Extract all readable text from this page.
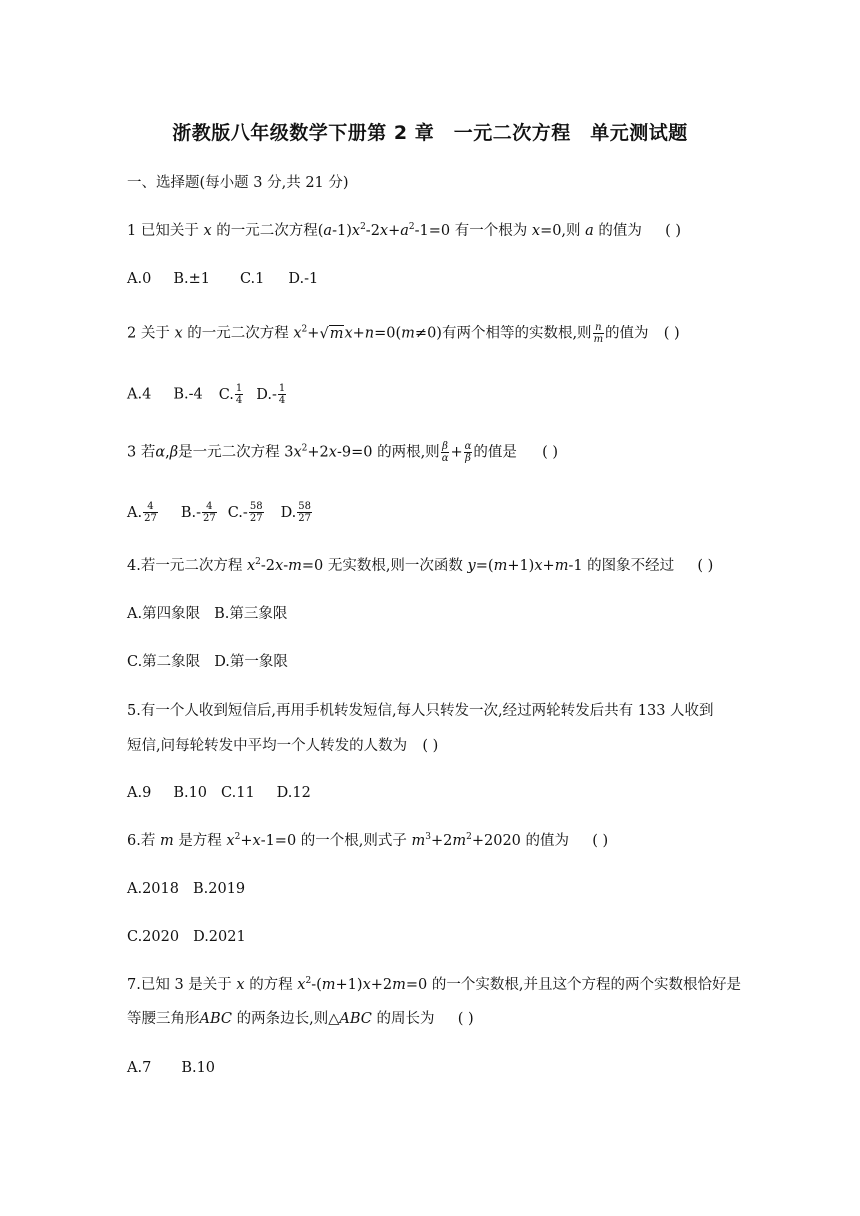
浙教版八年级数学下册第 2 章　一元二次方程　单元测试题
一、选择题(每小题 3 分,共 21 分)
1 已知关于 x 的一元二次方程$(a-1)x^2-2x+a^2-1=0$ 有一个根为 x=0,则 a 的值为 ( )
A.0 B.±1 C.1 D.-1
2 关于 x 的一元二次方程 $x^2+√mx+n=0(m\ne 0)$有两个相等的实数根,则 $\frac{n}{m}$ 的值为 ( )
A.4 B.-4 C. $\frac{1}{4} D.- \frac{1}{4}$
3 若α,β是一元二次方程 $3x^2+2x-9=0$ 的两根,则 $\frac{\beta}{\alpha} + \frac{\alpha}{\beta}$ 的值是 ( )
A. $\frac{4}{27} B.- \frac{4}{27} C.- \frac{58}{27} D$. $\frac{58}{27}$
4.若一元二次方程 $x^2-2x-m=0$ 无实数根,则一次函数 y=(m+1)x+m-1 的图象不经过 ( )
A.第四象限 B.第三象限
C.第二象限 D.第一象限
5.有一个人收到短信后,再用手机转发短信,每人只转发一次,经过两轮转发后共有 133 人收到
短信,问每轮转发中平均一个人转发的人数为 ( )
A.9 B.10 C.11 D.12
6.若 m 是方程 $x^2+x-1=0$ 的一个根,则式子 $m^3+2m^2+2020$ 的值为 ( )
A.2018 B.2019
C.2020 D.2021
7.已知 3 是关于 x 的方程 $x^2-(m+1)x+2m=0$ 的一个实数根,并且这个方程的两个实数根恰好是
等腰三角形ABC 的两条边长,则△ABC 的周长为 ( )
A.7 B.10
